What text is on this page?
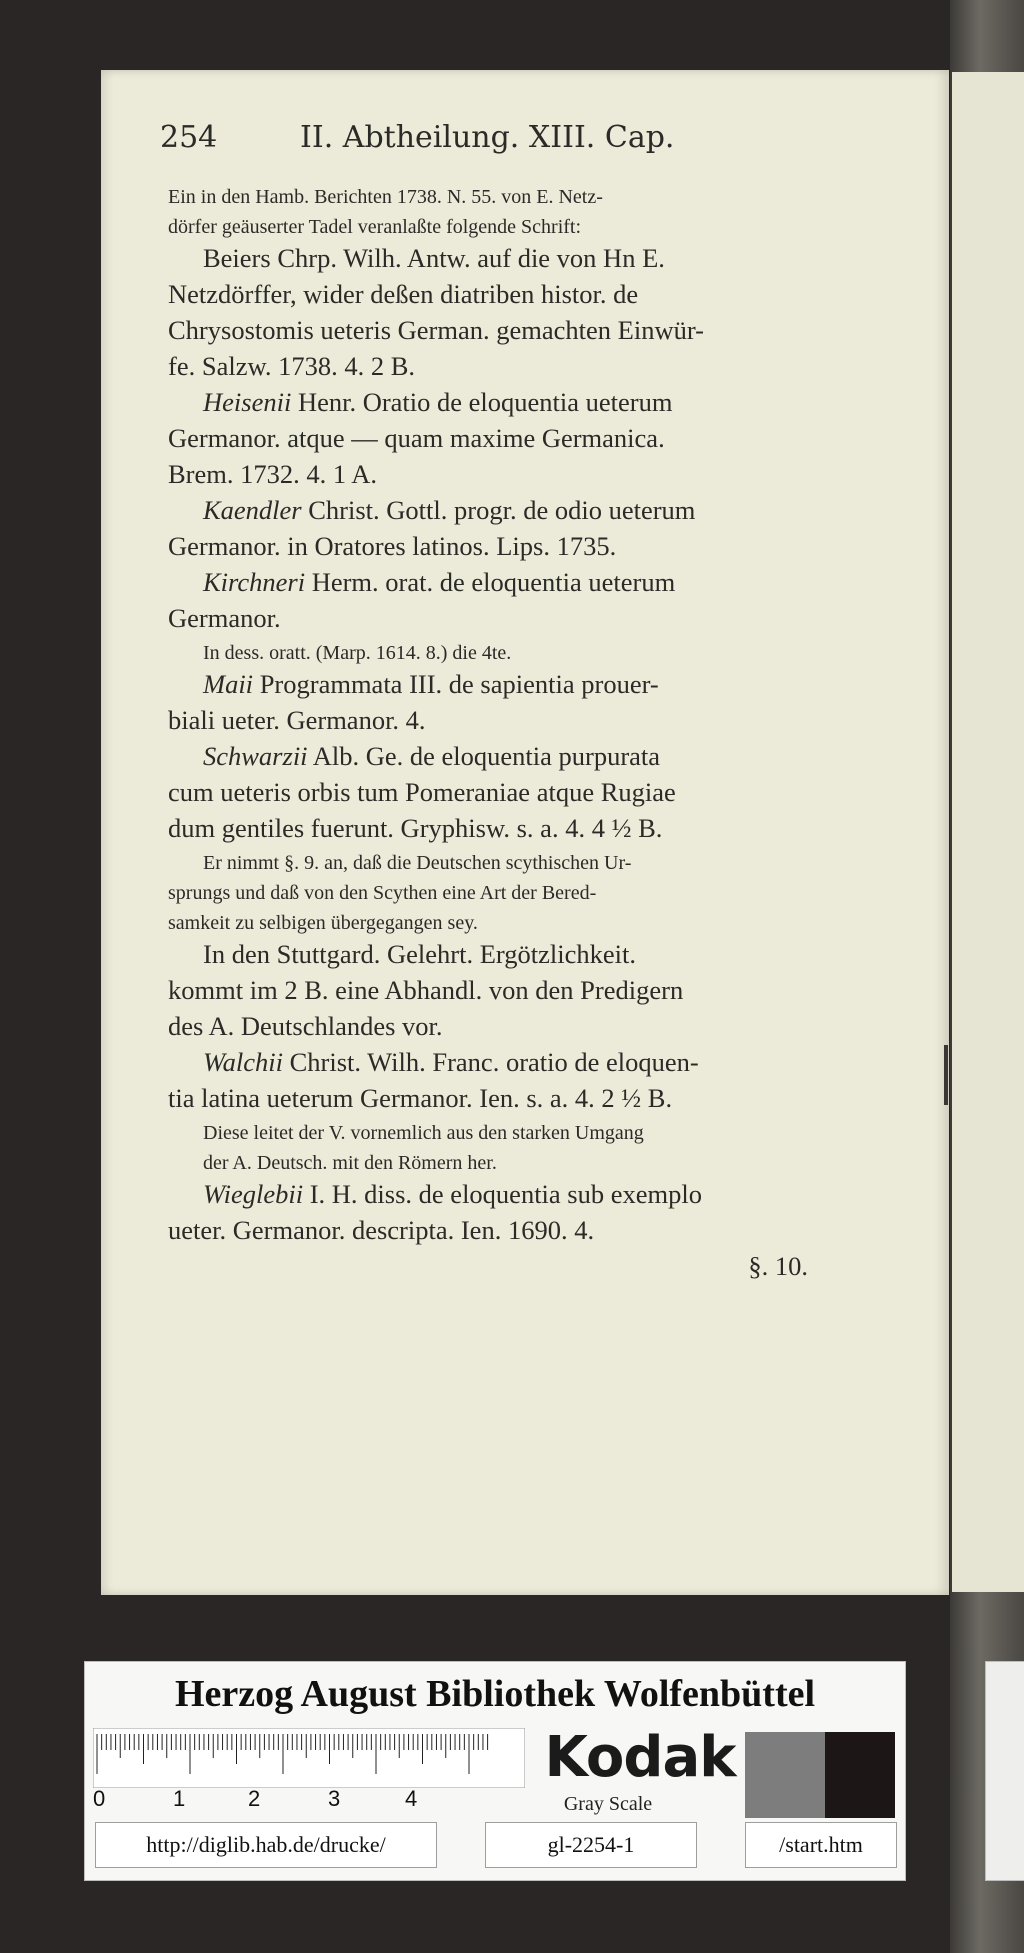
254	II. Abtheilung. XIII. Cap.
Ein in den Hamb. Berichten 1738. N. 55. von E. Netz-
dörfer geäuserter Tadel veranlaßte folgende Schrift:
Beiers Chrp. Wilh. Antw. auf die von Hn E.
Netzdörffer, wider deßen diatriben histor. de
Chrysostomis ueteris German. gemachten Einwür-
fe. Salzw. 1738. 4. 2 B.
Heisenii Henr. Oratio de eloquentia ueterum
Germanor. atque — quam maxime Germanica.
Brem. 1732. 4. 1 A.
Kaendler Christ. Gottl. progr. de odio ueterum
Germanor. in Oratores latinos. Lips. 1735.
Kirchneri Herm. orat. de eloquentia ueterum
Germanor.
In dess. oratt. (Marp. 1614. 8.) die 4te.
Maii Programmata III. de sapientia prouer-
biali ueter. Germanor. 4.
Schwarzii Alb. Ge. de eloquentia purpurata
cum ueteris orbis tum Pomeraniae atque Rugiae
dum gentiles fuerunt. Gryphisw. s. a. 4. 4 ½ B.
Er nimmt §. 9. an, daß die Deutschen scythischen Ur-
sprungs und daß von den Scythen eine Art der Bered-
samkeit zu selbigen übergegangen sey.
In den Stuttgard. Gelehrt. Ergötzlichkeit.
kommt im 2 B. eine Abhandl. von den Predigern
des A. Deutschlandes vor.
Walchii Christ. Wilh. Franc. oratio de eloquen-
tia latina ueterum Germanor. Ien. s. a. 4. 2 ½ B.
Diese leitet der V. vornemlich aus den starken Umgang
der A. Deutsch. mit den Römern her.
Wieglebii I. H. diss. de eloquentia sub exemplo
ueter. Germanor. descripta. Ien. 1690. 4.
§. 10.
Herzog August Bibliothek Wolfenbüttel
0	1	2	3	4
Kodak
Gray Scale
http://diglib.hab.de/drucke/	gl-2254-1	/start.htm
